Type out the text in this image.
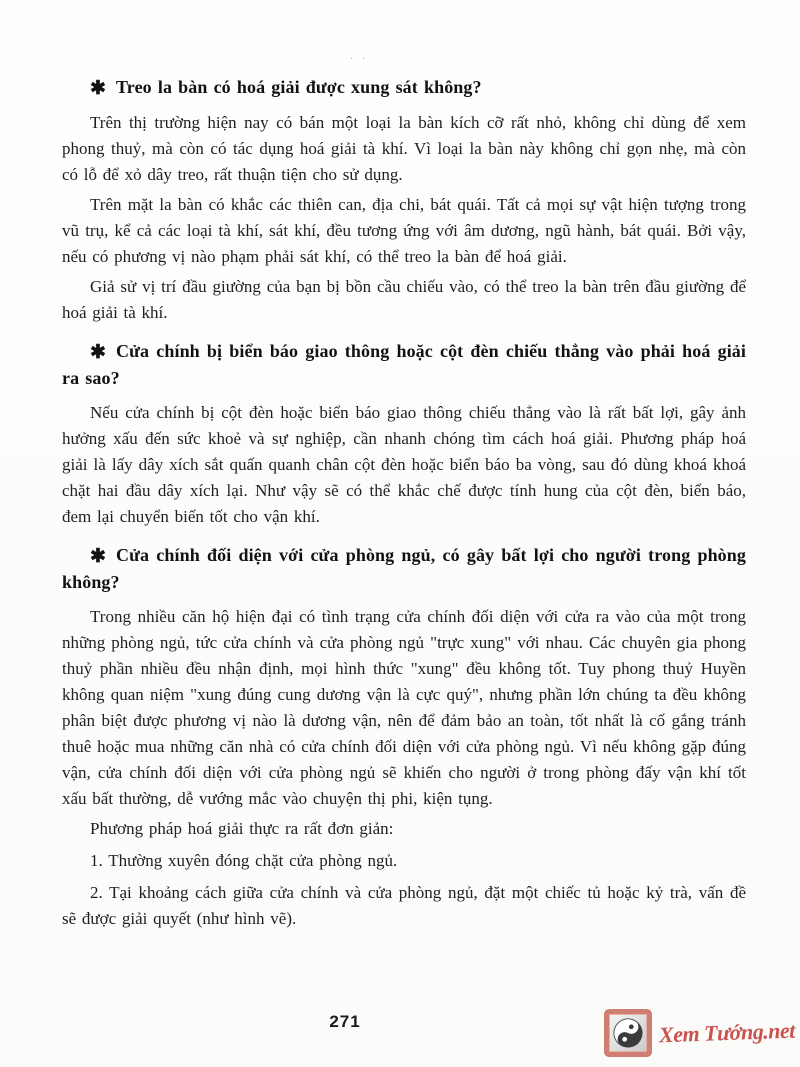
· ·
✱ Treo la bàn có hoá giải được xung sát không?

Trên thị trường hiện nay có bán một loại la bàn kích cỡ rất nhỏ, không chỉ dùng để xem phong thuỷ, mà còn có tác dụng hoá giải tà khí. Vì loại la bàn này không chỉ gọn nhẹ, mà còn có lỗ để xỏ dây treo, rất thuận tiện cho sử dụng.

Trên mặt la bàn có khắc các thiên can, địa chi, bát quái. Tất cả mọi sự vật hiện tượng trong vũ trụ, kể cả các loại tà khí, sát khí, đều tương ứng với âm dương, ngũ hành, bát quái. Bởi vậy, nếu có phương vị nào phạm phải sát khí, có thể treo la bàn để hoá giải.

Giả sử vị trí đầu giường của bạn bị bồn cầu chiếu vào, có thể treo la bàn trên đầu giường để hoá giải tà khí.

✱ Cửa chính bị biển báo giao thông hoặc cột đèn chiếu thẳng vào phải hoá giải ra sao?

Nếu cửa chính bị cột đèn hoặc biển báo giao thông chiếu thẳng vào là rất bất lợi, gây ảnh hưởng xấu đến sức khoẻ và sự nghiệp, cần nhanh chóng tìm cách hoá giải. Phương pháp hoá giải là lấy dây xích sắt quấn quanh chân cột đèn hoặc biển báo ba vòng, sau đó dùng khoá khoá chặt hai đầu dây xích lại. Như vậy sẽ có thể khắc chế được tính hung của cột đèn, biển báo, đem lại chuyển biến tốt cho vận khí.

✱ Cửa chính đối diện với cửa phòng ngủ, có gây bất lợi cho người trong phòng không?

Trong nhiều căn hộ hiện đại có tình trạng cửa chính đối diện với cửa ra vào của một trong những phòng ngủ, tức cửa chính và cửa phòng ngủ "trực xung" với nhau. Các chuyên gia phong thuỷ phần nhiều đều nhận định, mọi hình thức "xung" đều không tốt. Tuy phong thuỷ Huyền không quan niệm "xung đúng cung dương vận là cực quý", nhưng phần lớn chúng ta đều không phân biệt được phương vị nào là dương vận, nên để đảm bảo an toàn, tốt nhất là cố gắng tránh thuê hoặc mua những căn nhà có cửa chính đối diện với cửa phòng ngủ. Vì nếu không gặp đúng vận, cửa chính đối diện với cửa phòng ngủ sẽ khiến cho người ở trong phòng đấy vận khí tốt xấu bất thường, dễ vướng mắc vào chuyện thị phi, kiện tụng.

Phương pháp hoá giải thực ra rất đơn giản:

1. Thường xuyên đóng chặt cửa phòng ngủ.

2. Tại khoảng cách giữa cửa chính và cửa phòng ngủ, đặt một chiếc tủ hoặc kỷ trà, vấn đề sẽ được giải quyết (như hình vẽ).

271	Xem Tướng.net
